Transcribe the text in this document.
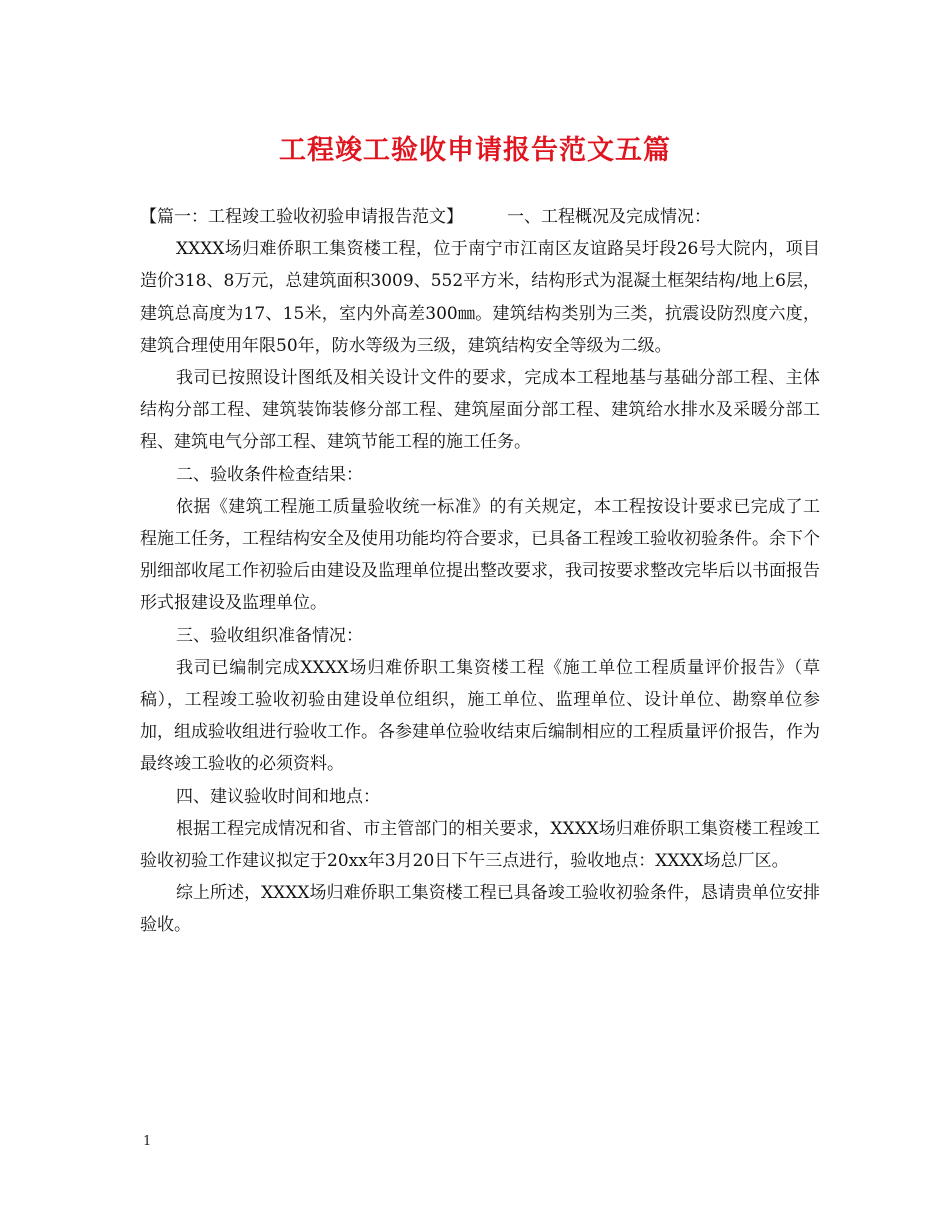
工程竣工验收申请报告范文五篇

【篇一：工程竣工验收初验申请报告范文】	一、工程概况及完成情况：

XXXX场归难侨职工集资楼工程，位于南宁市江南区友谊路吴圩段26号大院内，项目造价318、8万元，总建筑面积3009、552平方米，结构形式为混凝土框架结构/地上6层，建筑总高度为17、15米，室内外高差300㎜。建筑结构类别为三类，抗震设防烈度六度，建筑合理使用年限50年，防水等级为三级，建筑结构安全等级为二级。

我司已按照设计图纸及相关设计文件的要求，完成本工程地基与基础分部工程、主体结构分部工程、建筑装饰装修分部工程、建筑屋面分部工程、建筑给水排水及采暖分部工程、建筑电气分部工程、建筑节能工程的施工任务。

二、验收条件检查结果：

依据《建筑工程施工质量验收统一标准》的有关规定，本工程按设计要求已完成了工程施工任务，工程结构安全及使用功能均符合要求，已具备工程竣工验收初验条件。余下个别细部收尾工作初验后由建设及监理单位提出整改要求，我司按要求整改完毕后以书面报告形式报建设及监理单位。

三、验收组织准备情况：

我司已编制完成XXXX场归难侨职工集资楼工程《施工单位工程质量评价报告》（草稿），工程竣工验收初验由建设单位组织，施工单位、监理单位、设计单位、勘察单位参加，组成验收组进行验收工作。各参建单位验收结束后编制相应的工程质量评价报告，作为最终竣工验收的必须资料。

四、建议验收时间和地点：

根据工程完成情况和省、市主管部门的相关要求，XXXX场归难侨职工集资楼工程竣工验收初验工作建议拟定于20xx年3月20日下午三点进行，验收地点：XXXX场总厂区。

综上所述，XXXX场归难侨职工集资楼工程已具备竣工验收初验条件，恳请贵单位安排验收。

1
